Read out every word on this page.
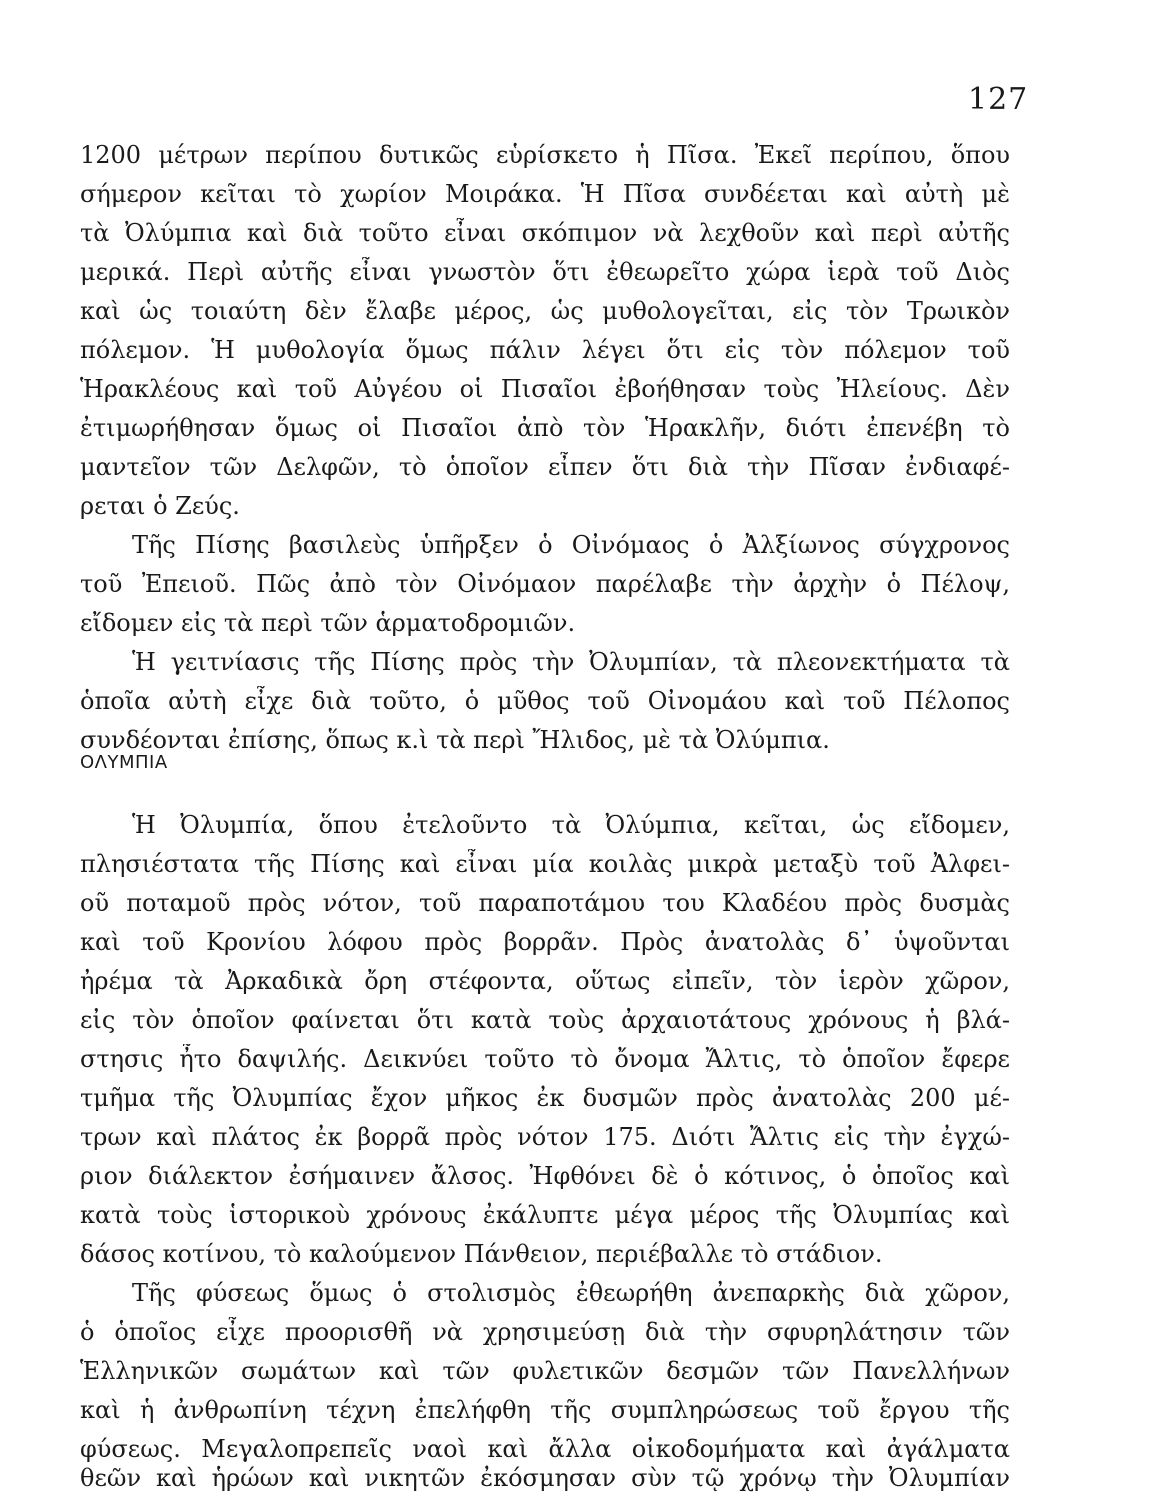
127
1200 μέτρων περίπου δυτικῶς εὑρίσκετο ἡ Πῖσα. Ἐκεῖ περίπου, ὅπου
σήμερον κεῖται τὸ χωρίον Μοιράκα. Ἡ Πῖσα συνδέεται καὶ αὐτὴ μὲ
τὰ Ὀλύμπια καὶ διὰ τοῦτο εἶναι σκόπιμον νὰ λεχθοῦν καὶ περὶ αὐτῆς
μερικά. Περὶ αὐτῆς εἶναι γνωστὸν ὅτι ἐθεωρεῖτο χώρα ἱερὰ τοῦ Διὸς
καὶ ὡς τοιαύτη δὲν ἔλαβε μέρος, ὡς μυθολογεῖται, εἰς τὸν Τρωικὸν
πόλεμον. Ἡ μυθολογία ὅμως πάλιν λέγει ὅτι εἰς τὸν πόλεμον τοῦ
Ἡρακλέους καὶ τοῦ Αὐγέου οἱ Πισαῖοι ἐβοήθησαν τοὺς Ἠλείους. Δὲν
ἐτιμωρήθησαν ὅμως οἱ Πισαῖοι ἀπὸ τὸν Ἡρακλῆν, διότι ἐπενέβη τὸ
μαντεῖον τῶν Δελφῶν, τὸ ὁποῖον εἶπεν ὅτι διὰ τὴν Πῖσαν ἐνδιαφέ-
ρεται ὁ Ζεύς.
Τῆς Πίσης βασιλεὺς ὑπῆρξεν ὁ Οἰνόμαος ὁ Ἀλξίωνος σύγχρονος
τοῦ Ἐπειοῦ. Πῶς ἀπὸ τὸν Οἰνόμαον παρέλαβε τὴν ἀρχὴν ὁ Πέλοψ,
εἴδομεν εἰς τὰ περὶ τῶν ἁρματοδρομιῶν.
Ἡ γειτνίασις τῆς Πίσης πρὸς τὴν Ὀλυμπίαν, τὰ πλεονεκτήματα τὰ
ὁποῖα αὐτὴ εἶχε διὰ τοῦτο, ὁ μῦθος τοῦ Οἰνομάου καὶ τοῦ Πέλοπος
συνδέονται ἐπίσης, ὅπως κ.ὶ τὰ περὶ Ἤλιδος, μὲ τὰ Ὀλύμπια.
ΟΛΥΜΠΙΑ
Ἡ Ὀλυμπία, ὅπου ἐτελοῦντο τὰ Ὀλύμπια, κεῖται, ὡς εἴδομεν,
πλησιέστατα τῆς Πίσης καὶ εἶναι μία κοιλὰς μικρὰ μεταξὺ τοῦ Ἀλφει-
οῦ ποταμοῦ πρὸς νότον, τοῦ παραποτάμου του Κλαδέου πρὸς δυσμὰς
καὶ τοῦ Κρονίου λόφου πρὸς βορρᾶν. Πρὸς ἀνατολὰς δ᾽ ὑψοῦνται
ἠρέμα τὰ Ἀρκαδικὰ ὄρη στέφοντα, οὕτως εἰπεῖν, τὸν ἱερὸν χῶρον,
εἰς τὸν ὁποῖον φαίνεται ὅτι κατὰ τοὺς ἀρχαιοτάτους χρόνους ἡ βλά-
στησις ἦτο δαψιλής. Δεικνύει τοῦτο τὸ ὄνομα Ἄλτις, τὸ ὁποῖον ἔφερε
τμῆμα τῆς Ὀλυμπίας ἔχον μῆκος ἐκ δυσμῶν πρὸς ἀνατολὰς 200 μέ-
τρων καὶ πλάτος ἐκ βορρᾶ πρὸς νότον 175. Διότι Ἄλτις εἰς τὴν ἐγχώ-
ριον διάλεκτον ἐσήμαινεν ἄλσος. Ἠφθόνει δὲ ὁ κότινος, ὁ ὁποῖος καὶ
κατὰ τοὺς ἱστορικοὺ χρόνους ἐκάλυπτε μέγα μέρος τῆς Ὀλυμπίας καὶ
δάσος κοτίνου, τὸ καλούμενον Πάνθειον, περιέβαλλε τὸ στάδιον.
Τῆς φύσεως ὅμως ὁ στολισμὸς ἐθεωρήθη ἀνεπαρκὴς διὰ χῶρον,
ὁ ὁποῖος εἶχε προορισθῆ νὰ χρησιμεύσῃ διὰ τὴν σφυρηλάτησιν τῶν
Ἑλληνικῶν σωμάτων καὶ τῶν φυλετικῶν δεσμῶν τῶν Πανελλήνων
καὶ ἡ ἀνθρωπίνη τέχνη ἐπελήφθη τῆς συμπληρώσεως τοῦ ἔργου τῆς
φύσεως. Μεγαλοπρεπεῖς ναοὶ καὶ ἄλλα οἰκοδομήματα καὶ ἀγάλματα
θεῶν καὶ ἡρώων καὶ νικητῶν ἐκόσμησαν σὺν τῷ χρόνῳ τὴν Ὀλυμπίαν
